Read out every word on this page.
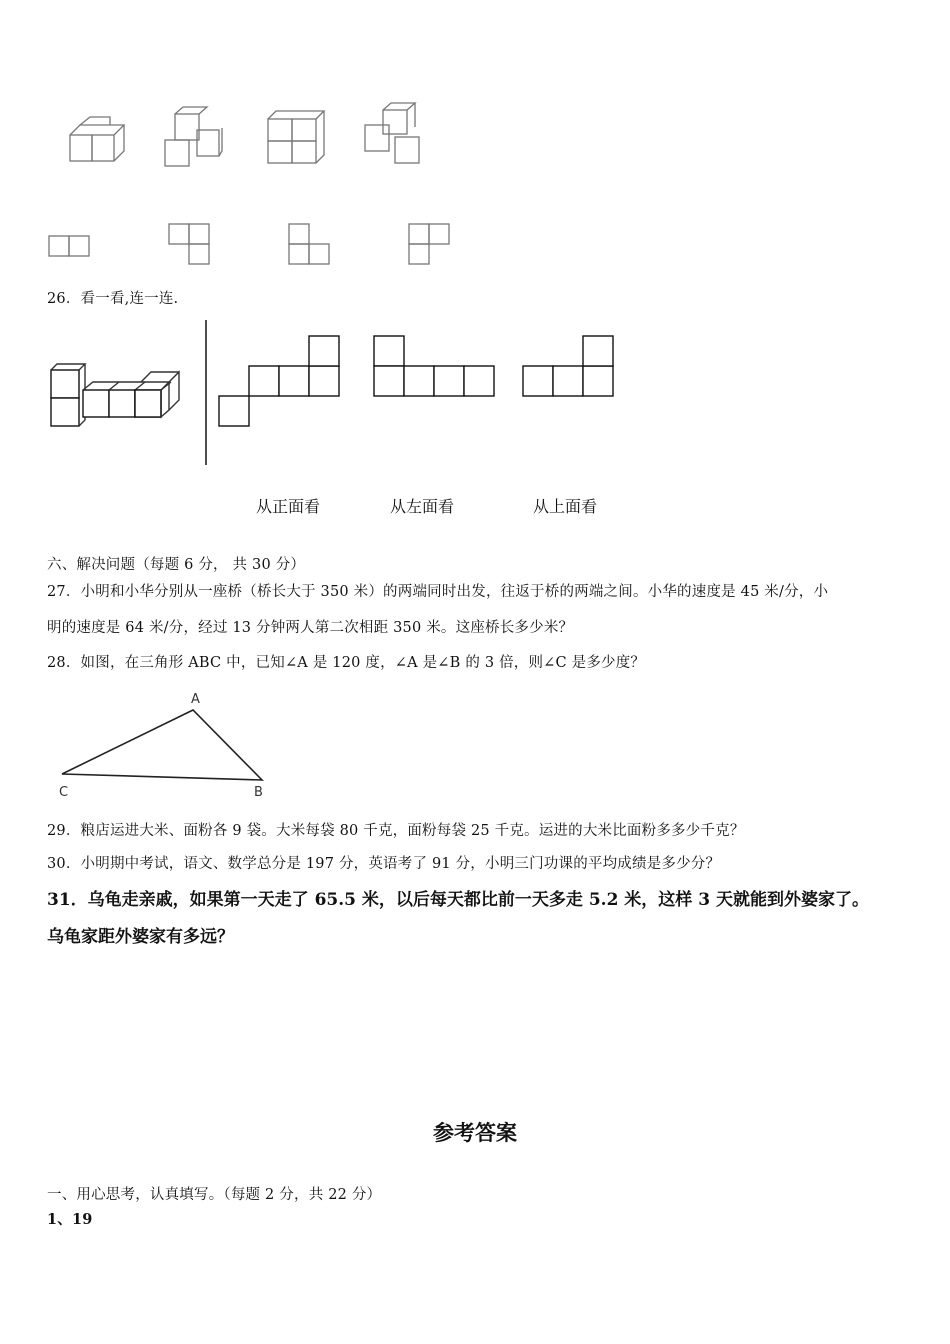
26．看一看,连一连.
从正面看	从左面看	从上面看
六、解决问题（每题 6 分， 共 30 分）
27．小明和小华分别从一座桥（桥长大于 350 米）的两端同时出发，往返于桥的两端之间。小华的速度是 45 米/分，小
明的速度是 64 米/分，经过 13 分钟两人第二次相距 350 米。这座桥长多少米？
28．如图，在三角形 ABC 中，已知∠A 是 120 度，∠A 是∠B 的 3 倍，则∠C 是多少度？
A
C	B
29．粮店运进大米、面粉各 9 袋。大米每袋 80 千克，面粉每袋 25 千克。运进的大米比面粉多多少千克？
30．小明期中考试，语文、数学总分是 197 分，英语考了 91 分，小明三门功课的平均成绩是多少分？
31．乌龟走亲戚，如果第一天走了 65.5 米，以后每天都比前一天多走 5.2 米，这样 3 天就能到外婆家了。
乌龟家距外婆家有多远？
参考答案
一、用心思考，认真填写。（每题 2 分，共 22 分）
1、19
